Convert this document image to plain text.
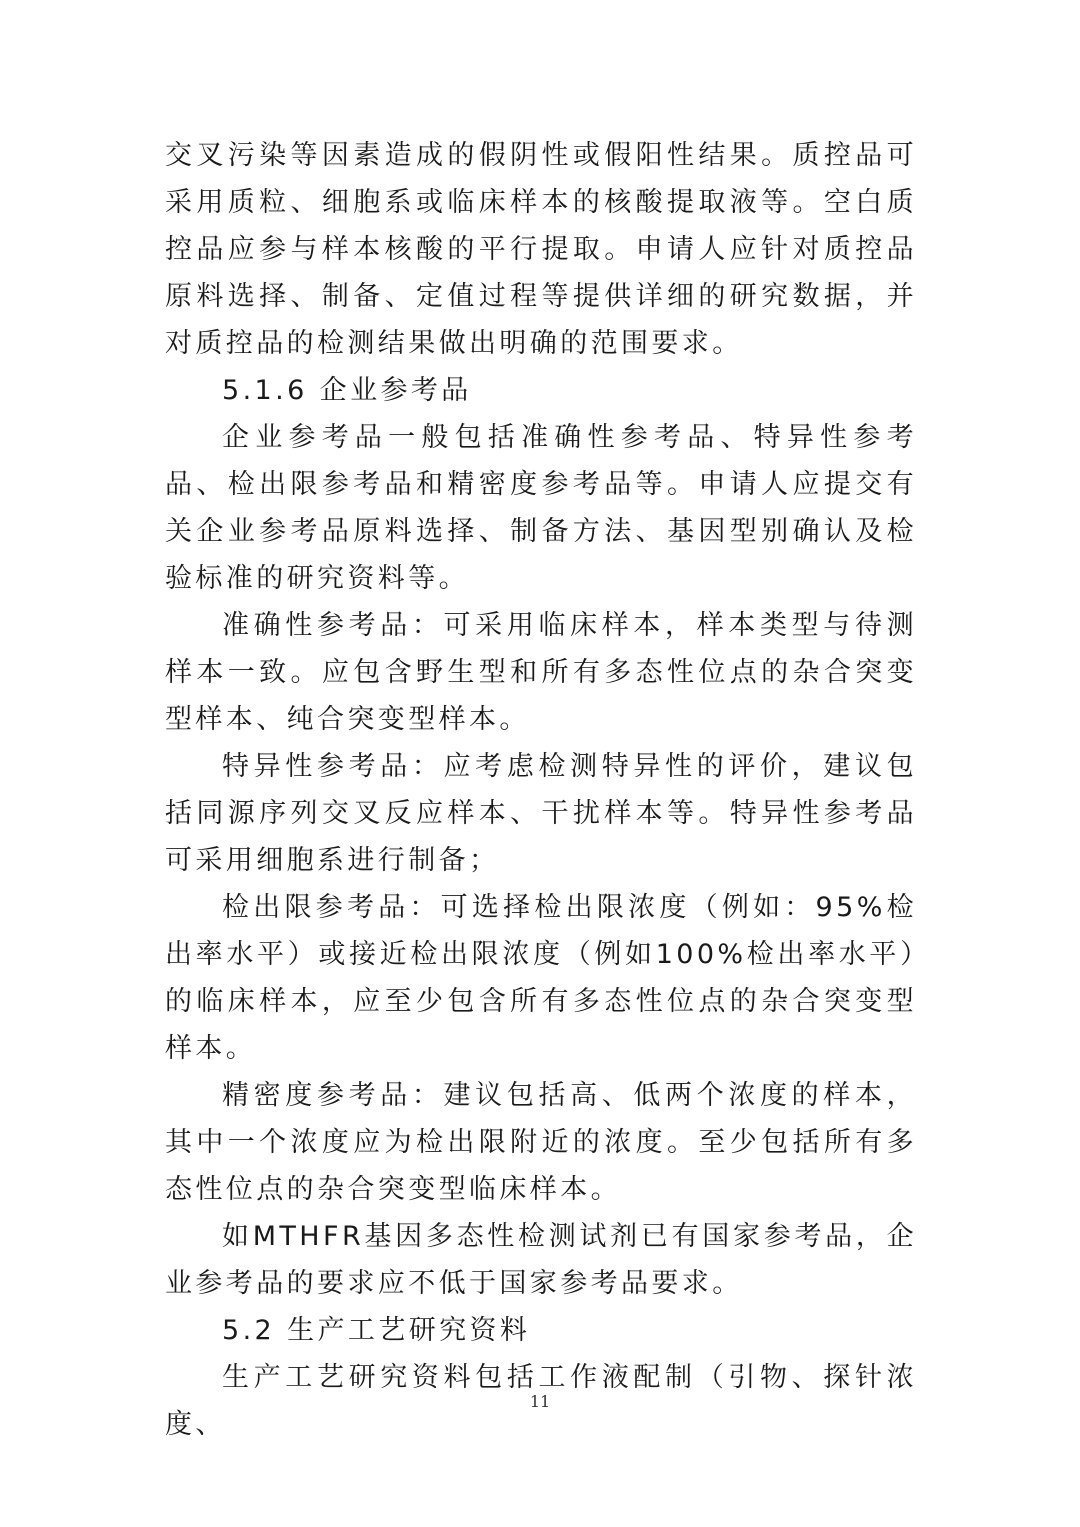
交叉污染等因素造成的假阴性或假阳性结果。质控品可采用质粒、细胞系或临床样本的核酸提取液等。空白质控品应参与样本核酸的平行提取。申请人应针对质控品原料选择、制备、定值过程等提供详细的研究数据，并对质控品的检测结果做出明确的范围要求。

5.1.6 企业参考品

企业参考品一般包括准确性参考品、特异性参考品、检出限参考品和精密度参考品等。申请人应提交有关企业参考品原料选择、制备方法、基因型别确认及检验标准的研究资料等。

准确性参考品：可采用临床样本，样本类型与待测样本一致。应包含野生型和所有多态性位点的杂合突变型样本、纯合突变型样本。

特异性参考品：应考虑检测特异性的评价，建议包括同源序列交叉反应样本、干扰样本等。特异性参考品可采用细胞系进行制备；

检出限参考品：可选择检出限浓度（例如：95%检出率水平）或接近检出限浓度（例如100%检出率水平）的临床样本，应至少包含所有多态性位点的杂合突变型样本。

精密度参考品：建议包括高、低两个浓度的样本，其中一个浓度应为检出限附近的浓度。至少包括所有多态性位点的杂合突变型临床样本。

如MTHFR基因多态性检测试剂已有国家参考品，企业参考品的要求应不低于国家参考品要求。

5.2 生产工艺研究资料

生产工艺研究资料包括工作液配制（引物、探针浓度、

11
